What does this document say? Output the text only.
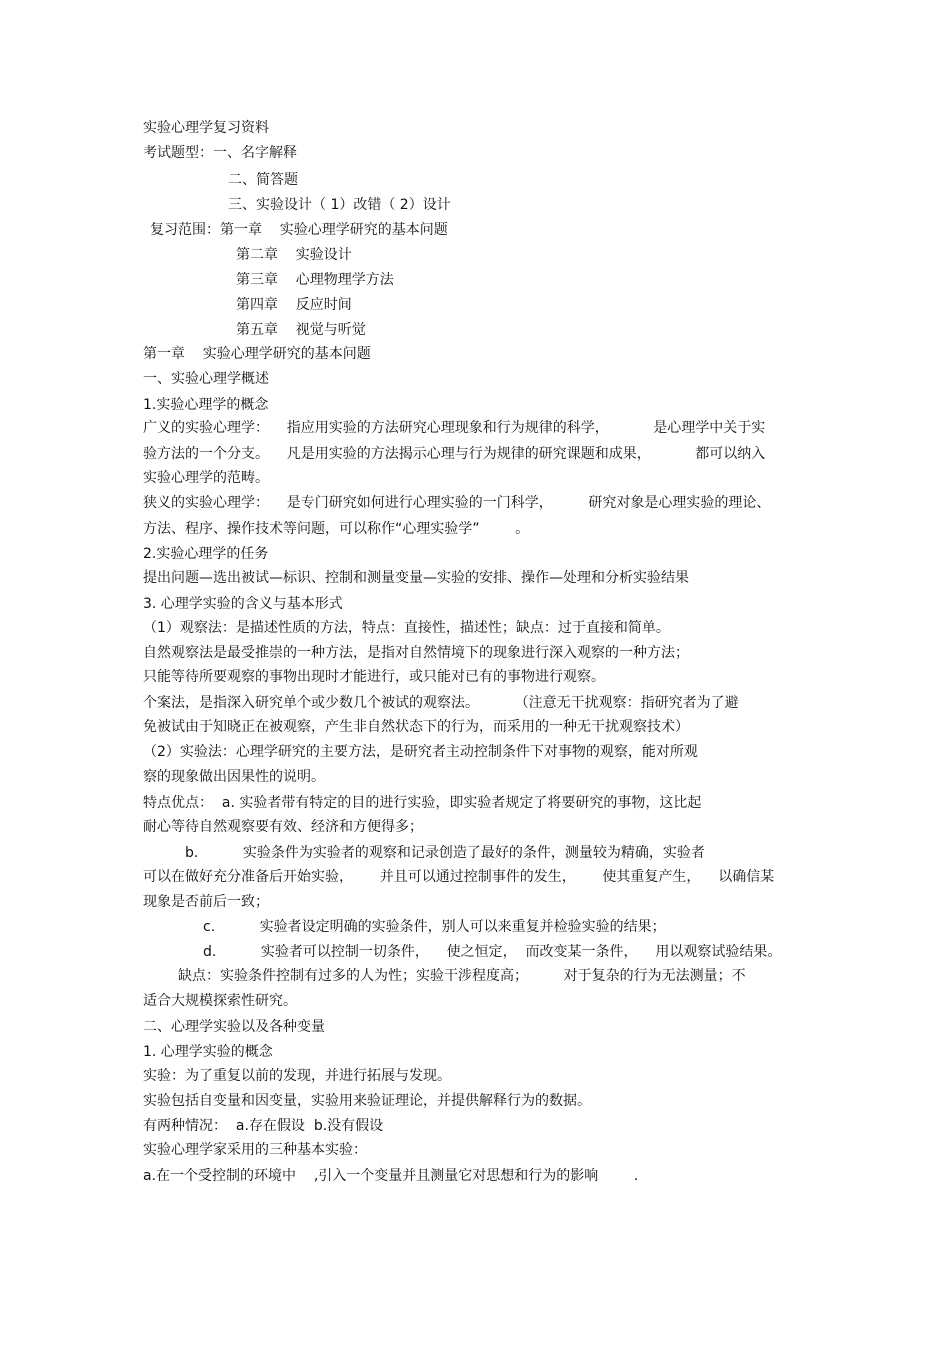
实验心理学复习资料
考试题型：一、名字解释
二、简答题
三、实验设计（ 1）改错（ 2）设计
复习范围：第一章    实验心理学研究的基本问题
第二章    实验设计
第三章    心理物理学方法
第四章    反应时间
第五章    视觉与听觉
第一章    实验心理学研究的基本问题
一、实验心理学概述
1.实验心理学的概念
广义的实验心理学：    指应用实验的方法研究心理现象和行为规律的科学，          是心理学中关于实
验方法的一个分支。    凡是用实验的方法揭示心理与行为规律的研究课题和成果，          都可以纳入
实验心理学的范畴。
狭义的实验心理学：    是专门研究如何进行心理实验的一门科学，        研究对象是心理实验的理论、
方法、程序、操作技术等问题，可以称作“心理实验学”        。
2.实验心理学的任务
提出问题—选出被试—标识、控制和测量变量—实验的安排、操作—处理和分析实验结果
3. 心理学实验的含义与基本形式
（1）观察法：是描述性质的方法，特点：直接性，描述性；缺点：过于直接和简单。
自然观察法是最受推崇的一种方法，是指对自然情境下的现象进行深入观察的一种方法；
只能等待所要观察的事物出现时才能进行，或只能对已有的事物进行观察。
个案法，是指深入研究单个或少数几个被试的观察法。        （注意无干扰观察：指研究者为了避
免被试由于知晓正在被观察，产生非自然状态下的行为，而采用的一种无干扰观察技术）
（2）实验法：心理学研究的主要方法，是研究者主动控制条件下对事物的观察，能对所观
察的现象做出因果性的说明。
特点优点：  a. 实验者带有特定的目的进行实验，即实验者规定了将要研究的事物，这比起
耐心等待自然观察要有效、经济和方便得多；
b.          实验条件为实验者的观察和记录创造了最好的条件，测量较为精确，实验者
可以在做好充分准备后开始实验，      并且可以通过控制事件的发生，      使其重复产生，    以确信某
现象是否前后一致；
c.          实验者设定明确的实验条件，别人可以来重复并检验实验的结果；
d.          实验者可以控制一切条件，    使之恒定，  而改变某一条件，    用以观察试验结果。
缺点：实验条件控制有过多的人为性；实验干涉程度高；        对于复杂的行为无法测量；不
适合大规模探索性研究。
二、心理学实验以及各种变量
1. 心理学实验的概念
实验：为了重复以前的发现，并进行拓展与发现。
实验包括自变量和因变量，实验用来验证理论，并提供解释行为的数据。
有两种情况：  a.存在假设  b.没有假设
实验心理学家采用的三种基本实验：
a.在一个受控制的环境中    ,引入一个变量并且测量它对思想和行为的影响        .
